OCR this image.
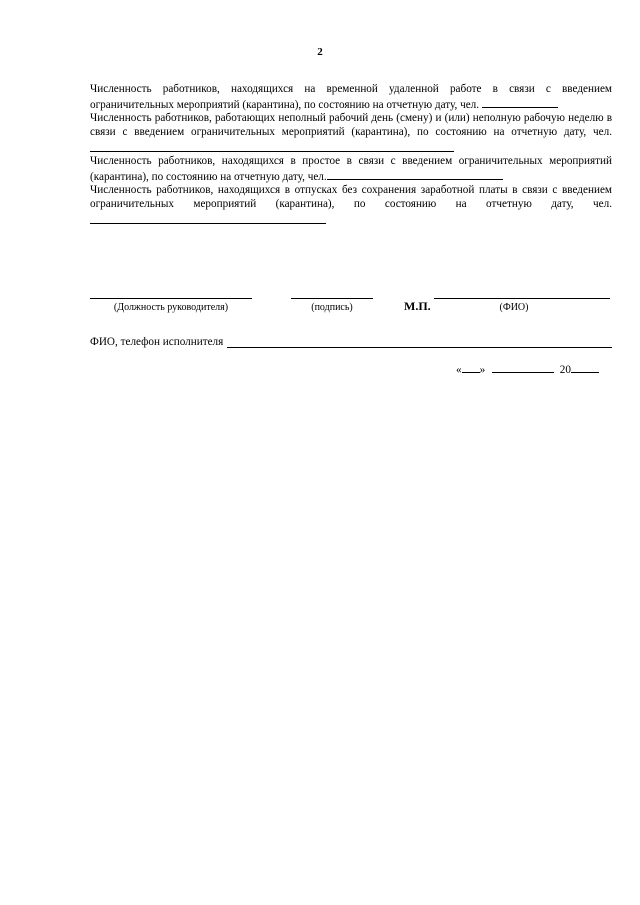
2
Численность работников, находящихся на временной удаленной работе в связи с введением ограничительных мероприятий (карантина), по состоянию на отчетную дату, чел.
Численность работников, работающих неполный рабочий день (смену) и (или) неполную рабочую неделю в связи с введением ограничительных мероприятий (карантина), по состоянию на отчетную дату, чел.
Численность работников, находящихся в простое в связи с введением ограничительных мероприятий (карантина), по состоянию на отчетную дату, чел.
Численность работников, находящихся в отпусках без сохранения заработной платы в связи с введением ограничительных мероприятий (карантина), по состоянию на отчетную дату, чел.
(Должность руководителя)	(подпись)	М.П.	(ФИО)
ФИО, телефон исполнителя
« »	20
